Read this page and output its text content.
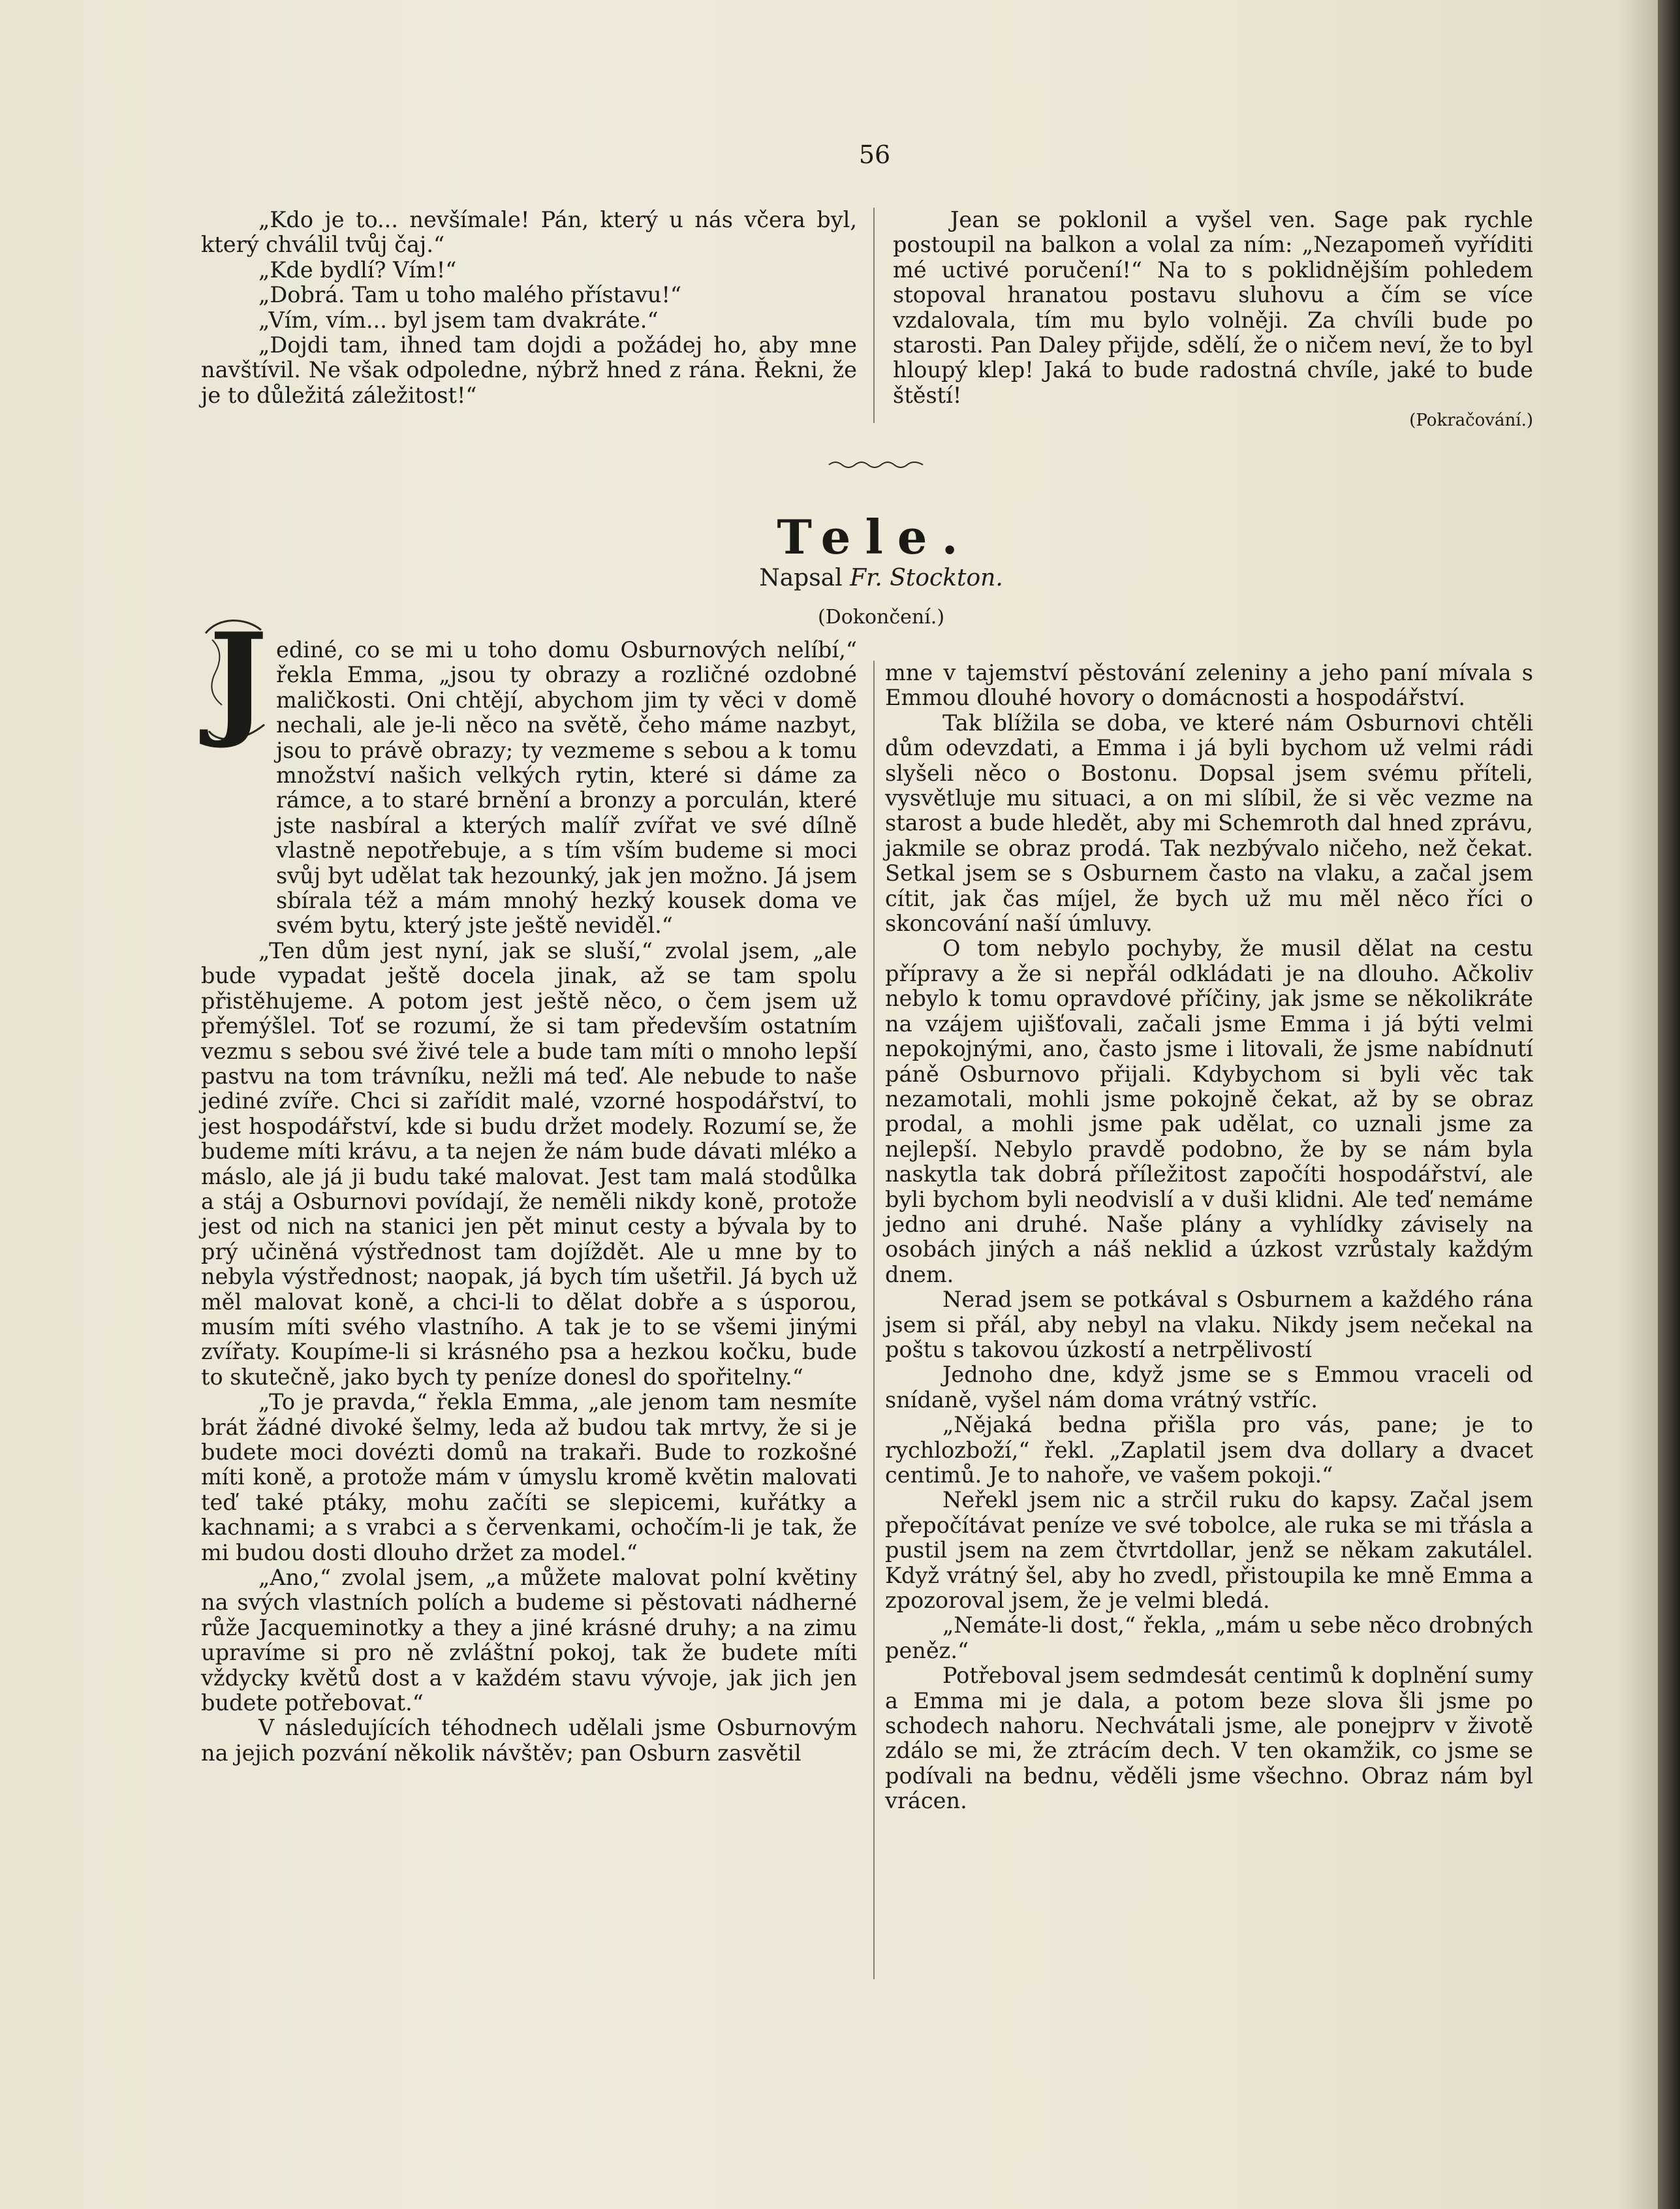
56

„Kdo je to... nevšímale! Pán, který u nás včera byl, který chválil tvůj čaj.“

„Kde bydlí? Vím!“

„Dobrá. Tam u toho malého přístavu!“

„Vím, vím... byl jsem tam dvakráte.“

„Dojdi tam, ihned tam dojdi a požádej ho, aby mne navštívil. Ne však odpoledne, nýbrž hned z rána. Řekni, že je to důležitá záležitost!“

Jean se poklonil a vyšel ven. Sage pak rychle postoupil na balkon a volal za ním: „Nezapomeň vyříditi mé uctivé poručení!“ Na to s poklidnějším pohledem stopoval hranatou postavu sluhovu a čím se více vzdalovala, tím mu bylo volněji. Za chvíli bude po starosti. Pan Daley přijde, sdělí, že o ničem neví, že to byl hloupý klep! Jaká to bude radostná chvíle, jaké to bude štěstí!

(Pokračování.)

Tele.
Napsal Fr. Stockton.
(Dokončení.)
J ediné, co se mi u toho domu Osburnových nelíbí,“ řekla Emma, „jsou ty obrazy a rozličné ozdobné maličkosti. Oni chtějí, abychom jim ty věci v domě nechali, ale je-li něco na světě, čeho máme nazbyt, jsou to právě obrazy; ty vezmeme s sebou a k tomu množství našich velkých rytin, které si dáme za rámce, a to staré brnění a bronzy a porculán, které jste nasbíral a kterých malíř zvířat ve své dílně vlastně nepotřebuje, a s tím vším budeme si moci svůj byt udělat tak hezounký, jak jen možno. Já jsem sbírala též a mám mnohý hezký kousek doma ve svém bytu, který jste ještě neviděl.“

„Ten dům jest nyní, jak se sluší,“ zvolal jsem, „ale bude vypadat ještě docela jinak, až se tam spolu přistěhujeme. A potom jest ještě něco, o čem jsem už přemýšlel. Toť se rozumí, že si tam především ostatním vezmu s sebou své živé tele a bude tam míti o mnoho lepší pastvu na tom trávníku, nežli má teď. Ale nebude to naše jediné zvíře. Chci si zařídit malé, vzorné hospodářství, to jest hospodářství, kde si budu držet modely. Rozumí se, že budeme míti krávu, a ta nejen že nám bude dávati mléko a máslo, ale já ji budu také malovat. Jest tam malá stodůlka a stáj a Osburnovi povídají, že neměli nikdy koně, protože jest od nich na stanici jen pět minut cesty a bývala by to prý učiněná výstřednost tam dojíždět. Ale u mne by to nebyla výstřednost; naopak, já bych tím ušetřil. Já bych už měl malovat koně, a chci-li to dělat dobře a s úsporou, musím míti svého vlastního. A tak je to se všemi jinými zvířaty. Koupíme-li si krásného psa a hezkou kočku, bude to skutečně, jako bych ty peníze donesl do spořitelny.“

„To je pravda,“ řekla Emma, „ale jenom tam nesmíte brát žádné divoké šelmy, leda až budou tak mrtvy, že si je budete moci dovézti domů na trakaři. Bude to rozkošné míti koně, a protože mám v úmyslu kromě květin malovati teď také ptáky, mohu začíti se slepicemi, kuřátky a kachnami; a s vrabci a s červenkami, ochočím-li je tak, že mi budou dosti dlouho držet za model.“

„Ano,“ zvolal jsem, „a můžete malovat polní květiny na svých vlastních polích a budeme si pěstovati nádherné růže Jacqueminotky a they a jiné krásné druhy; a na zimu upravíme si pro ně zvláštní pokoj, tak že budete míti vždycky květů dost a v každém stavu vývoje, jak jich jen budete potřebovat.“

V následujících téhodnech udělali jsme Osburnovým na jejich pozvání několik návštěv; pan Osburn zasvětil

mne v tajemství pěstování zeleniny a jeho paní mívala s Emmou dlouhé hovory o domácnosti a hospodářství.

Tak blížila se doba, ve které nám Osburnovi chtěli dům odevzdati, a Emma i já byli bychom už velmi rádi slyšeli něco o Bostonu. Dopsal jsem svému příteli, vysvětluje mu situaci, a on mi slíbil, že si věc vezme na starost a bude hledět, aby mi Schemroth dal hned zprávu, jakmile se obraz prodá. Tak nezbývalo ničeho, než čekat. Setkal jsem se s Osburnem často na vlaku, a začal jsem cítit, jak čas míjel, že bych už mu měl něco říci o skoncování naší úmluvy.

O tom nebylo pochyby, že musil dělat na cestu přípravy a že si nepřál odkládati je na dlouho. Ačkoliv nebylo k tomu opravdové příčiny, jak jsme se několikráte na vzájem ujišťovali, začali jsme Emma i já býti velmi nepokojnými, ano, často jsme i litovali, že jsme nabídnutí páně Osburnovo přijali. Kdybychom si byli věc tak nezamotali, mohli jsme pokojně čekat, až by se obraz prodal, a mohli jsme pak udělat, co uznali jsme za nejlepší. Nebylo pravdě podobno, že by se nám byla naskytla tak dobrá příležitost započíti hospodářství, ale byli bychom byli neodvislí a v duši klidni. Ale teď nemáme jedno ani druhé. Naše plány a vyhlídky závisely na osobách jiných a náš neklid a úzkost vzrůstaly každým dnem.

Nerad jsem se potkával s Osburnem a každého rána jsem si přál, aby nebyl na vlaku. Nikdy jsem nečekal na poštu s takovou úzkostí a netrpělivostí

Jednoho dne, když jsme se s Emmou vraceli od snídaně, vyšel nám doma vrátný vstříc.

„Nějaká bedna přišla pro vás, pane; je to rychlozboží,“ řekl. „Zaplatil jsem dva dollary a dvacet centimů. Je to nahoře, ve vašem pokoji.“

Neřekl jsem nic a strčil ruku do kapsy. Začal jsem přepočítávat peníze ve své tobolce, ale ruka se mi třásla a pustil jsem na zem čtvrtdollar, jenž se někam zakutálel. Když vrátný šel, aby ho zvedl, přistoupila ke mně Emma a zpozoroval jsem, že je velmi bledá.

„Nemáte-li dost,“ řekla, „mám u sebe něco drobných peněz.“

Potřeboval jsem sedmdesát centimů k doplnění sumy a Emma mi je dala, a potom beze slova šli jsme po schodech nahoru. Nechvátali jsme, ale ponejprv v životě zdálo se mi, že ztrácím dech. V ten okamžik, co jsme se podívali na bednu, věděli jsme všechno. Obraz nám byl vrácen.
